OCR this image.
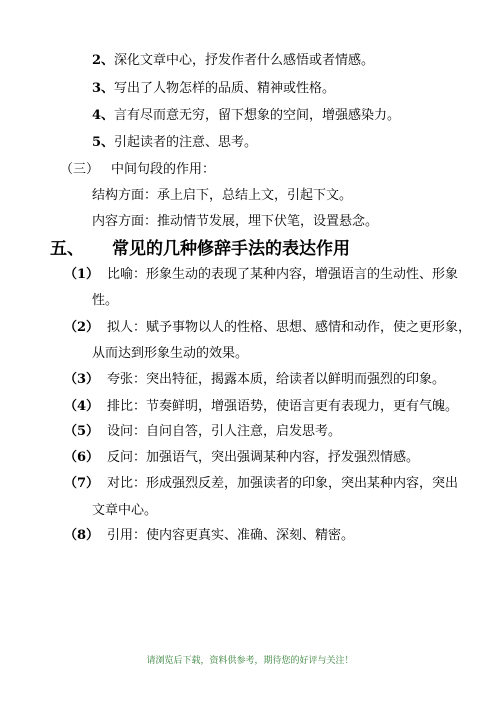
2、深化文章中心，抒发作者什么感悟或者情感。
3、写出了人物怎样的品质、精神或性格。
4、言有尽而意无穷，留下想象的空间，增强感染力。
5、引起读者的注意、思考。
（三） 中间句段的作用：
结构方面：承上启下，总结上文，引起下文。
内容方面：推动情节发展，埋下伏笔，设置悬念。
五、 常见的几种修辞手法的表达作用
（1） 比喻：形象生动的表现了某种内容，增强语言的生动性、形象
性。
（2） 拟人：赋予事物以人的性格、思想、感情和动作，使之更形象，
从而达到形象生动的效果。
（3） 夸张：突出特征，揭露本质，给读者以鲜明而强烈的印象。
（4） 排比：节奏鲜明，增强语势，使语言更有表现力，更有气魄。
（5） 设问：自问自答，引人注意，启发思考。
（6） 反问：加强语气，突出强调某种内容，抒发强烈情感。
（7） 对比：形成强烈反差，加强读者的印象，突出某种内容，突出
文章中心。
（8） 引用：使内容更真实、准确、深刻、精密。
请浏览后下载，资料供参考，期待您的好评与关注！
